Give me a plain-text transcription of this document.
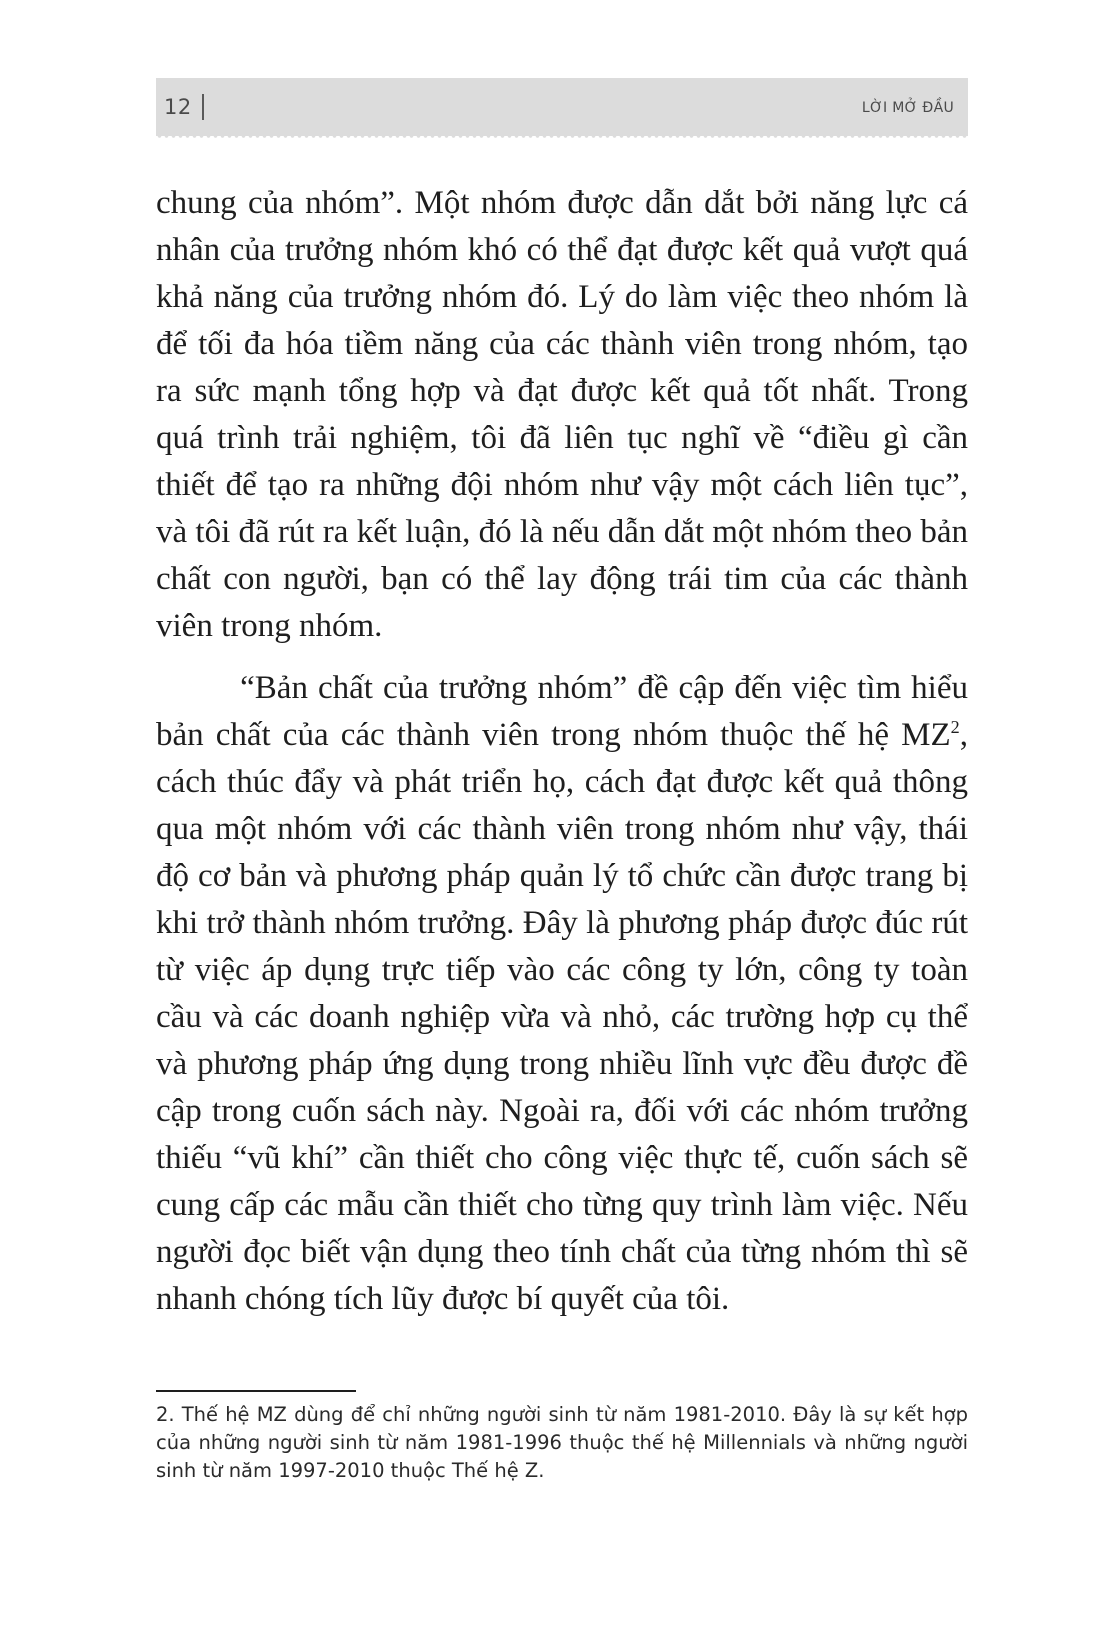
12	LỜI MỞ ĐẦU

chung của nhóm”. Một nhóm được dẫn dắt bởi năng lực cá nhân của trưởng nhóm khó có thể đạt được kết quả vượt quá khả năng của trưởng nhóm đó. Lý do làm việc theo nhóm là để tối đa hóa tiềm năng của các thành viên trong nhóm, tạo ra sức mạnh tổng hợp và đạt được kết quả tốt nhất. Trong quá trình trải nghiệm, tôi đã liên tục nghĩ về “điều gì cần thiết để tạo ra những đội nhóm như vậy một cách liên tục”, và tôi đã rút ra kết luận, đó là nếu dẫn dắt một nhóm theo bản chất con người, bạn có thể lay động trái tim của các thành viên trong nhóm.

“Bản chất của trưởng nhóm” đề cập đến việc tìm hiểu bản chất của các thành viên trong nhóm thuộc thế hệ MZ$^2$, cách thúc đẩy và phát triển họ, cách đạt được kết quả thông qua một nhóm với các thành viên trong nhóm như vậy, thái độ cơ bản và phương pháp quản lý tổ chức cần được trang bị khi trở thành nhóm trưởng. Đây là phương pháp được đúc rút từ việc áp dụng trực tiếp vào các công ty lớn, công ty toàn cầu và các doanh nghiệp vừa và nhỏ, các trường hợp cụ thể và phương pháp ứng dụng trong nhiều lĩnh vực đều được đề cập trong cuốn sách này. Ngoài ra, đối với các nhóm trưởng thiếu “vũ khí” cần thiết cho công việc thực tế, cuốn sách sẽ cung cấp các mẫu cần thiết cho từng quy trình làm việc. Nếu người đọc biết vận dụng theo tính chất của từng nhóm thì sẽ nhanh chóng tích lũy được bí quyết của tôi.

2. Thế hệ MZ dùng để chỉ những người sinh từ năm 1981-2010. Đây là sự kết hợp của những người sinh từ năm 1981-1996 thuộc thế hệ Millennials và những người sinh từ năm 1997-2010 thuộc Thế hệ Z.
